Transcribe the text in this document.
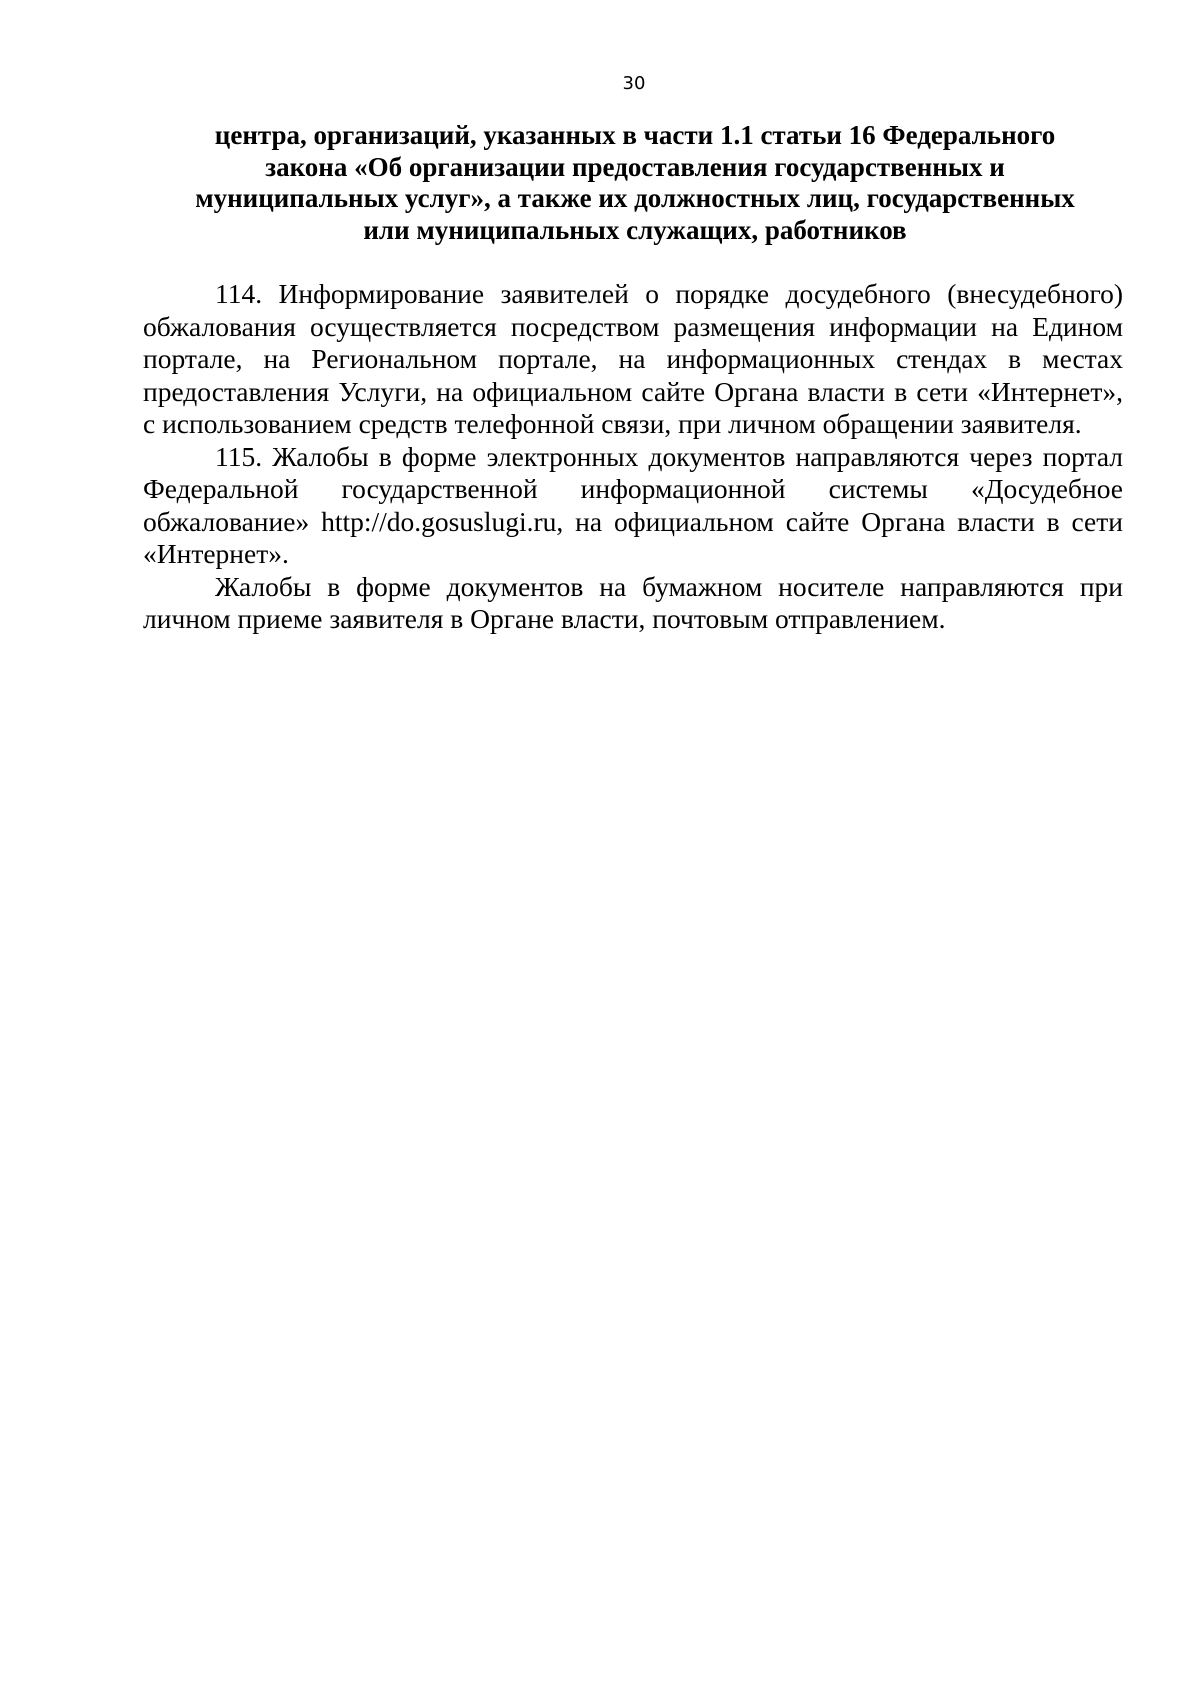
30
центра, организаций, указанных в части 1.1 статьи 16 Федерального
закона «Об организации предоставления государственных и
муниципальных услуг», а также их должностных лиц, государственных
или муниципальных служащих, работников

114. Информирование заявителей о порядке досудебного (внесудебного)
обжалования осуществляется посредством размещения информации на Едином
портале, на Региональном портале, на информационных стендах в местах
предоставления Услуги, на официальном сайте Органа власти в сети «Интернет»,
с использованием средств телефонной связи, при личном обращении заявителя.

115. Жалобы в форме электронных документов направляются через портал
Федеральной государственной информационной системы «Досудебное
обжалование» http://do.gosuslugi.ru, на официальном сайте Органа власти в сети
«Интернет».

Жалобы в форме документов на бумажном носителе направляются при
личном приеме заявителя в Органе власти, почтовым отправлением.
